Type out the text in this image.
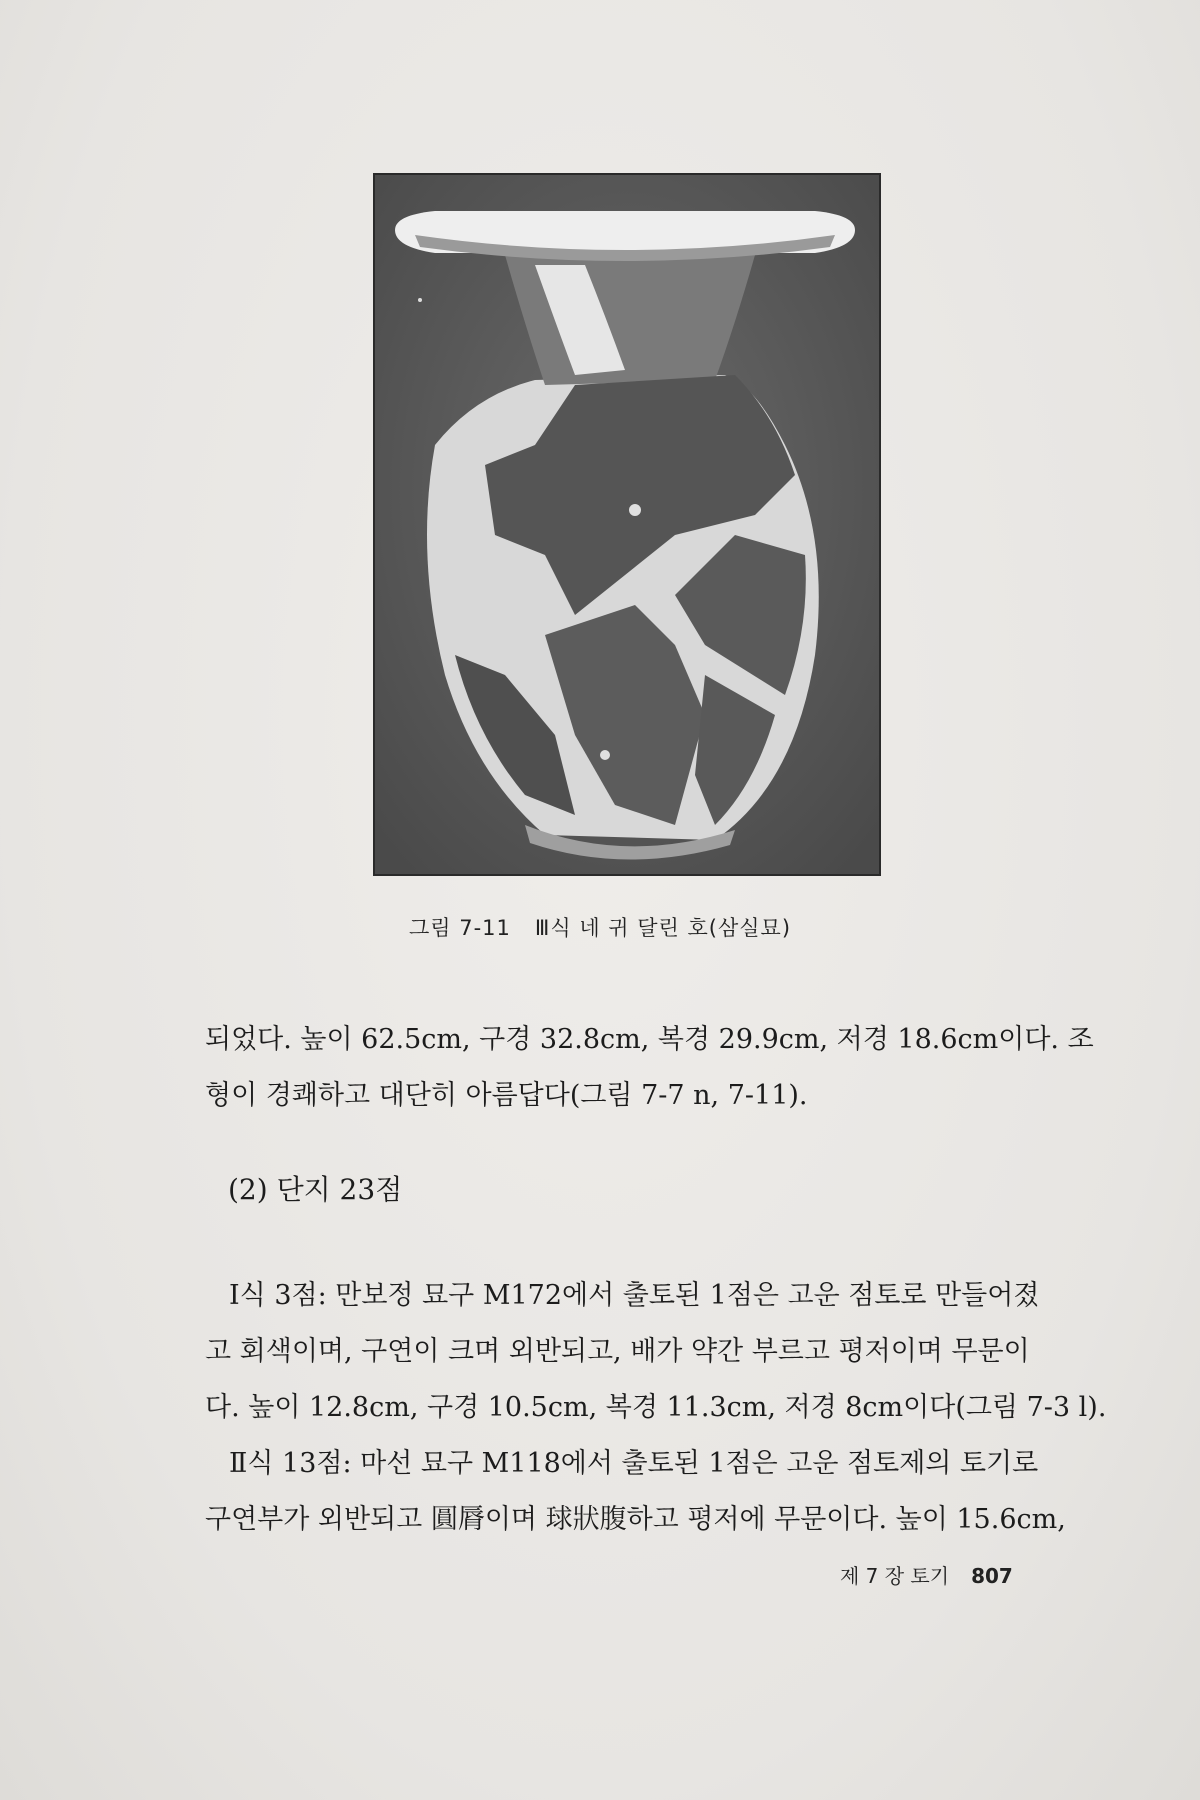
그림 7-11 Ⅲ식 네 귀 달린 호(삼실묘)
되었다. 높이 62.5cm, 구경 32.8cm, 복경 29.9cm, 저경 18.6cm이다. 조
형이 경쾌하고 대단히 아름답다(그림 7-7 n, 7-11).
(2) 단지 23점
Ⅰ식 3점: 만보정 묘구 M172에서 출토된 1점은 고운 점토로 만들어졌
고 회색이며, 구연이 크며 외반되고, 배가 약간 부르고 평저이며 무문이
다. 높이 12.8cm, 구경 10.5cm, 복경 11.3cm, 저경 8cm이다(그림 7-3 l).
Ⅱ식 13점: 마선 묘구 M118에서 출토된 1점은 고운 점토제의 토기로
구연부가 외반되고 圓脣이며 球狀腹하고 평저에 무문이다. 높이 15.6cm,
제 7 장 토기 807
